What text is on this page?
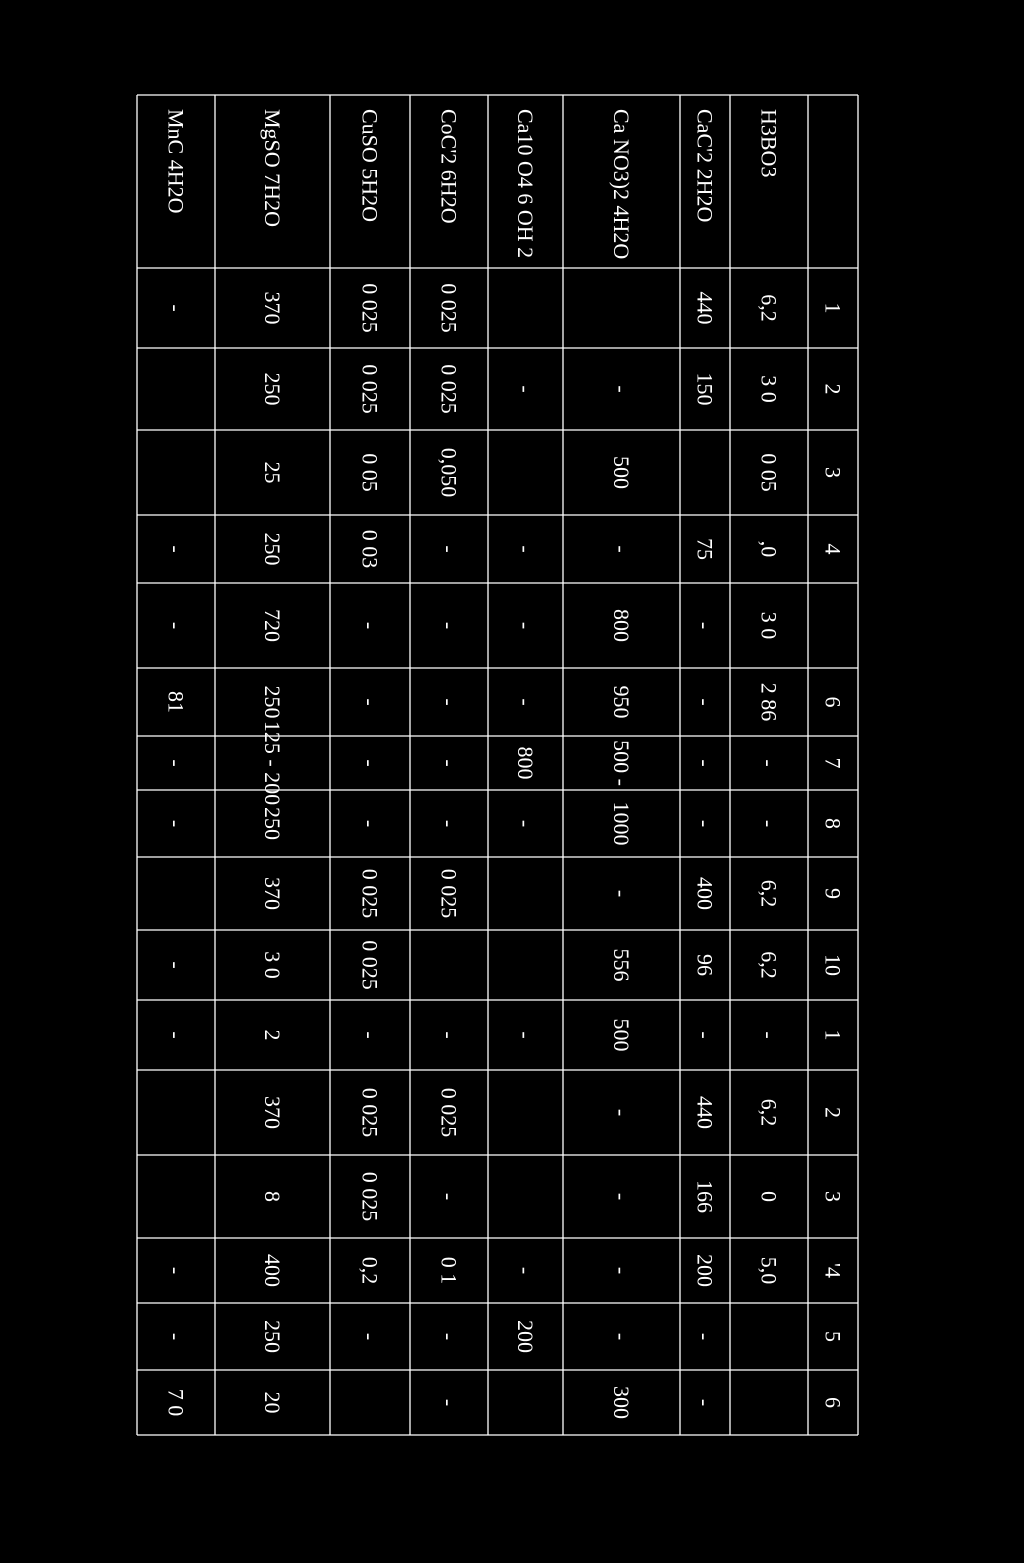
1
2
3
4
6
7
8
9
10
1
2
3
'4
5
6
H3BO3
CaC'2 2H2O
Ca NO3)2 4H2O
Ca10 O4 6 OH 2
CoC'2 6H2O
CuSO 5H2O
MgSO 7H2O
MnC 4H2O
6,2
3 0
0 05
,0
3 0
2 86
-
-
6,2
6,2
-
6,2
0
5,0
440
150
75
-
-
-
-
400
96
-
440
166
200
-
-
-
500
-
800
950
500 -
1000
-
556
500
-
-
-
-
300
-
-
-
-
800
-
-
-
200
0 025
0 025
0,050
-
-
-
-
-
0 025
-
0 025
-
0 1
-
-
0 025
0 025
0 05
0 03
-
-
-
-
0 025
0 025
-
0 025
0 025
0,2
-
370
250
25
250
720
250
125 - 200
250
370
3 0
2
370
8
400
250
20
-
-
-
81
-
-
-
-
-
-
7 0
